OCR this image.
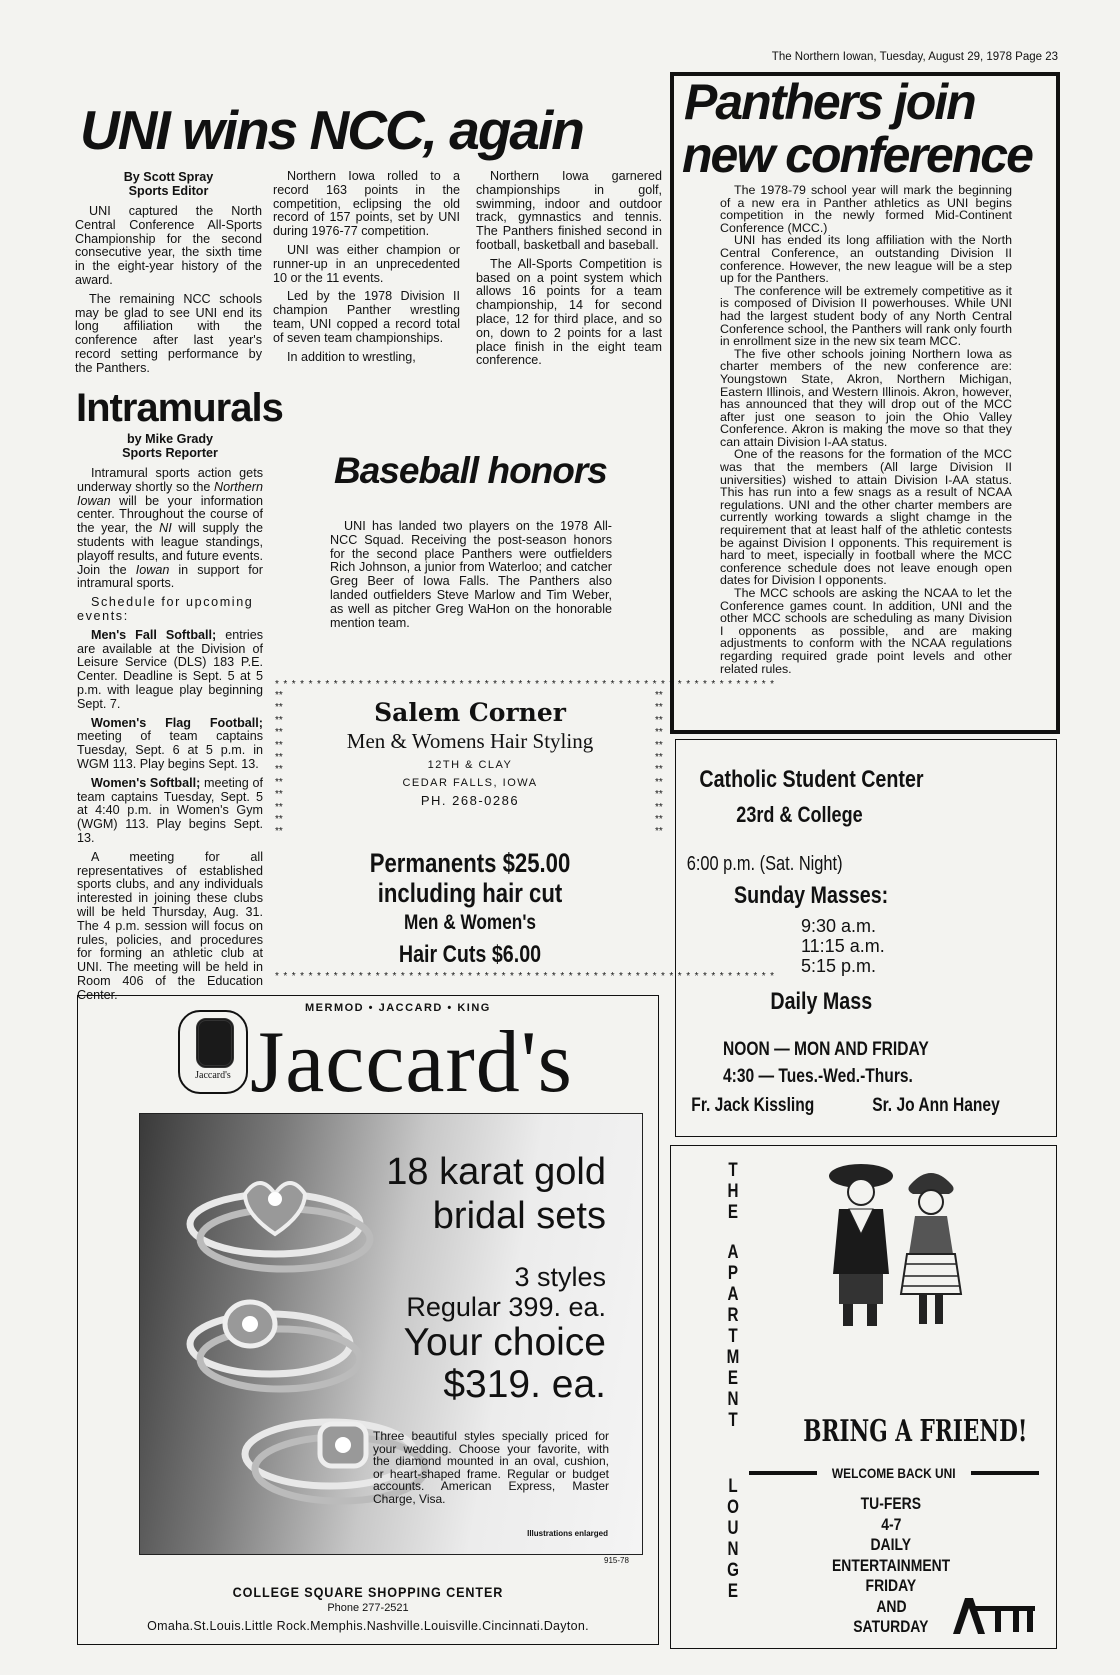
The Northern Iowan, Tuesday, August 29, 1978 Page 23
UNI wins NCC, again
By Scott Spray
Sports Editor

UNI captured the North Central Conference All-Sports Championship for the second consecutive year, the sixth time in the eight-year history of the award.

The remaining NCC schools may be glad to see UNI end its long affiliation with the conference after last year's record setting performance by the Panthers.

Northern Iowa rolled to a record 163 points in the competition, eclipsing the old record of 157 points, set by UNI during 1976-77 competition.

UNI was either champion or runner-up in an unprecedented 10 or the 11 events.

Led by the 1978 Division II champion Panther wrestling team, UNI copped a record total of seven team championships.

In addition to wrestling,

Northern Iowa garnered championships in golf, swimming, indoor and outdoor track, gymnastics and tennis. The Panthers finished second in football, basketball and baseball.

The All-Sports Competition is based on a point system which allows 16 points for a team championship, 14 for second place, 12 for third place, and so on, down to 2 points for a last place finish in the eight team conference.

Panthers join
new conference

The 1978-79 school year will mark the beginning of a new era in Panther athletics as UNI begins competition in the newly formed Mid-Continent Conference (MCC.)

UNI has ended its long affiliation with the North Central Conference, an outstanding Division II conference. However, the new league will be a step up for the Panthers.

The conference will be extremely competitive as it is composed of Division II powerhouses. While UNI had the largest student body of any North Central Conference school, the Panthers will rank only fourth in enrollment size in the new six team MCC.

The five other schools joining Northern Iowa as charter members of the new conference are: Youngstown State, Akron, Northern Michigan, Eastern Illinois, and Western Illinois. Akron, however, has announced that they will drop out of the MCC after just one season to join the Ohio Valley Conference. Akron is making the move so that they can attain Division I-AA status.

One of the reasons for the formation of the MCC was that the members (All large Division II universities) wished to attain Division I-AA status. This has run into a few snags as a result of NCAA regulations. UNI and the other charter members are currently working towards a slight chamge in the requirement that at least half of the athletic contests be against Division I opponents. This requirement is hard to meet, ispecially in football where the MCC conference schedule does not leave enough open dates for Division I opponents.

The MCC schools are asking the NCAA to let the Conference games count. In addition, UNI and the other MCC schools are scheduling as many Division I opponents as possible, and are making adjustments to conform with the NCAA regulations regarding required grade point levels and other related rules.

Intramurals
by Mike Grady
Sports Reporter

Intramural sports action gets underway shortly so the Northern Iowan will be your information center. Throughout the course of the year, the NI will supply the students with league standings, playoff results, and future events. Join the Iowan in support for intramural sports.

Schedule for upcoming events:

Men's Fall Softball; entries are available at the Division of Leisure Service (DLS) 183 P.E. Center. Deadline is Sept. 5 at 5 p.m. with league play beginning Sept. 7.

Women's Flag Football; meeting of team captains Tuesday, Sept. 6 at 5 p.m. in WGM 113. Play begins Sept. 13.

Women's Softball; meeting of team captains Tuesday, Sept. 5 at 4:40 p.m. in Women's Gym (WGM) 113. Play begins Sept. 13.

A meeting for all representatives of established sports clubs, and any individuals interested in joining these clubs will be held Thursday, Aug. 31. The 4 p.m. session will focus on rules, policies, and procedures for forming an athletic club at UNI. The meeting will be held in Room 406 of the Education Center.

Baseball honors

UNI has landed two players on the 1978 All-NCC Squad. Receiving the post-season honors for the second place Panthers were outfielders Rich Johnson, a junior from Waterloo; and catcher Greg Beer of Iowa Falls. The Panthers also landed outfielders Steve Marlow and Tim Weber, as well as pitcher Greg WaHon on the honorable mention team.

************************************************************
************************************************************
************************
************************
Salem Corner
Men & Womens Hair Styling
12TH & CLAY
CEDAR FALLS, IOWA
PH. 268-0286
Permanents $25.00
including hair cut
Men & Women's
Hair Cuts $6.00
Catholic Student Center
23rd & College
6:00 p.m. (Sat. Night)
Sunday Masses:
9:30 a.m.
11:15 a.m.
5:15 p.m.
Daily Mass
NOON — MON AND FRIDAY
4:30 — Tues.-Wed.-Thurs.
Fr. Jack Kissling	Sr. Jo Ann Haney
Jaccard's
MERMOD • JACCARD • KING
Jaccard's
18 karat gold
bridal sets
3 styles
Regular 399. ea.
Your choice
$319. ea.
Three beautiful styles specially priced for your wedding. Choose your favorite, with the diamond mounted in an oval, cushion, or heart-shaped frame. Regular or budget accounts. American Express, Master Charge, Visa.
Illustrations enlarged
915-78
COLLEGE SQUARE SHOPPING CENTER
Phone 277-2521
Omaha.St.Louis.Little Rock.Memphis.Nashville.Louisville.Cincinnati.Dayton.
T
H
E
A
P
A
R
T
M
E
N
T
L
O
U
N
G
E
BRING A FRIEND!
WELCOME BACK UNI
TU-FERS
4-7
DAILY
ENTERTAINMENT
FRIDAY
AND
SATURDAY
